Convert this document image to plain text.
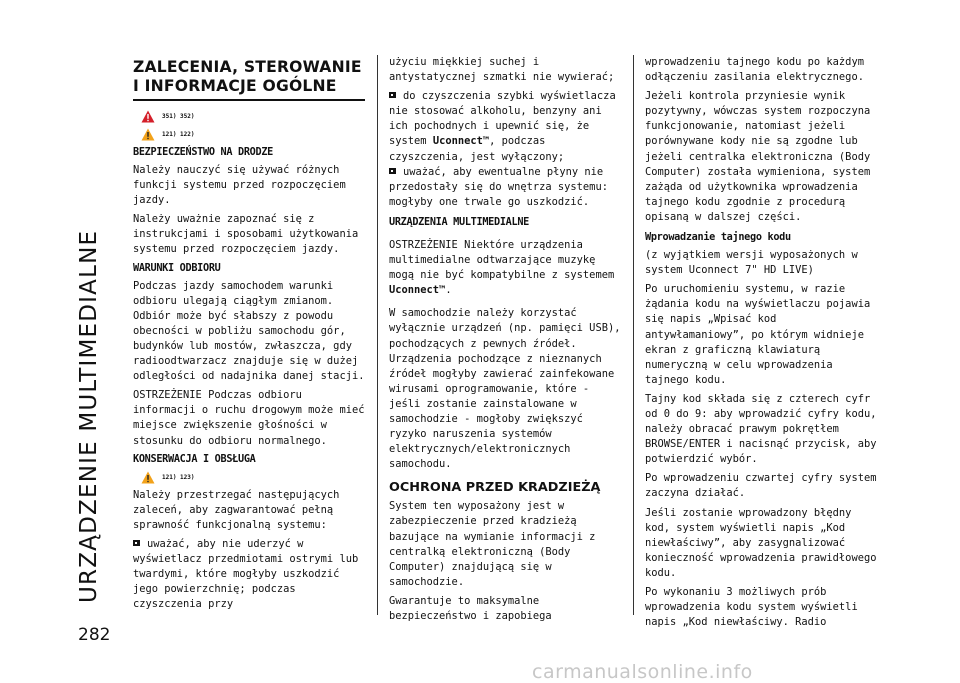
URZĄDZENIE MULTIMEDIALNE
282
ZALECENIA, STEROWANIE
I INFORMACJE OGÓLNE
351) 352)
121) 122)
BEZPIECZEŃSTWO NA DRODZE

Należy nauczyć się używać różnych funkcji systemu przed rozpoczęciem jazdy.

Należy uważnie zapoznać się z instrukcjami i sposobami użytkowania systemu przed rozpoczęciem jazdy.

WARUNKI ODBIORU

Podczas jazdy samochodem warunki odbioru ulegają ciągłym zmianom. Odbiór może być słabszy z powodu obecności w pobliżu samochodu gór, budynków lub mostów, zwłaszcza, gdy radioodtwarzacz znajduje się w dużej odległości od nadajnika danej stacji.

OSTRZEŻENIE Podczas odbioru informacji o ruchu drogowym może mieć miejsce zwiększenie głośności w stosunku do odbioru normalnego.

KONSERWACJA I OBSŁUGA
121) 123)

Należy przestrzegać następujących zaleceń, aby zagwarantować pełną sprawność funkcjonalną systemu:

uważać, aby nie uderzyć w wyświetlacz przedmiotami ostrymi lub twardymi, które mogłyby uszkodzić jego powierzchnię; podczas czyszczenia przy

użyciu miękkiej suchej i antystatycznej szmatki nie wywierać;

do czyszczenia szybki wyświetlacza nie stosować alkoholu, benzyny ani ich pochodnych i upewnić się, że system Uconnect™, podczas czyszczenia, jest wyłączony;

uważać, aby ewentualne płyny nie przedostały się do wnętrza systemu: mogłyby one trwale go uszkodzić.

URZĄDZENIA MULTIMEDIALNE

OSTRZEŻENIE Niektóre urządzenia multimedialne odtwarzające muzykę mogą nie być kompatybilne z systemem Uconnect™.

W samochodzie należy korzystać wyłącznie urządzeń (np. pamięci USB), pochodzących z pewnych źródeł. Urządzenia pochodzące z nieznanych źródeł mogłyby zawierać zainfekowane wirusami oprogramowanie, które - jeśli zostanie zainstalowane w samochodzie - mogłoby zwiększyć ryzyko naruszenia systemów elektrycznych/elektronicznych samochodu.

OCHRONA PRZED KRADZIEŻĄ

System ten wyposażony jest w zabezpieczenie przed kradzieżą bazujące na wymianie informacji z centralką elektroniczną (Body Computer) znajdującą się w samochodzie.

Gwarantuje to maksymalne bezpieczeństwo i zapobiega

wprowadzeniu tajnego kodu po każdym odłączeniu zasilania elektrycznego.

Jeżeli kontrola przyniesie wynik pozytywny, wówczas system rozpoczyna funkcjonowanie, natomiast jeżeli porównywane kody nie są zgodne lub jeżeli centralka elektroniczna (Body Computer) została wymieniona, system zażąda od użytkownika wprowadzenia tajnego kodu zgodnie z procedurą opisaną w dalszej części.

Wprowadzanie tajnego kodu

(z wyjątkiem wersji wyposażonych w system Uconnect 7" HD LIVE)

Po uruchomieniu systemu, w razie żądania kodu na wyświetlaczu pojawia się napis „Wpisać kod antywłamaniowy”, po którym widnieje ekran z graficzną klawiaturą numeryczną w celu wprowadzenia tajnego kodu.

Tajny kod składa się z czterech cyfr od 0 do 9: aby wprowadzić cyfry kodu, należy obracać prawym pokrętłem BROWSE/ENTER i nacisnąć przycisk, aby potwierdzić wybór.

Po wprowadzeniu czwartej cyfry system zaczyna działać.

Jeśli zostanie wprowadzony błędny kod, system wyświetli napis „Kod niewłaściwy”, aby zasygnalizować konieczność wprowadzenia prawidłowego kodu.

Po wykonaniu 3 możliwych prób wprowadzenia kodu system wyświetli napis „Kod niewłaściwy. Radio

carmanualsonline.info
